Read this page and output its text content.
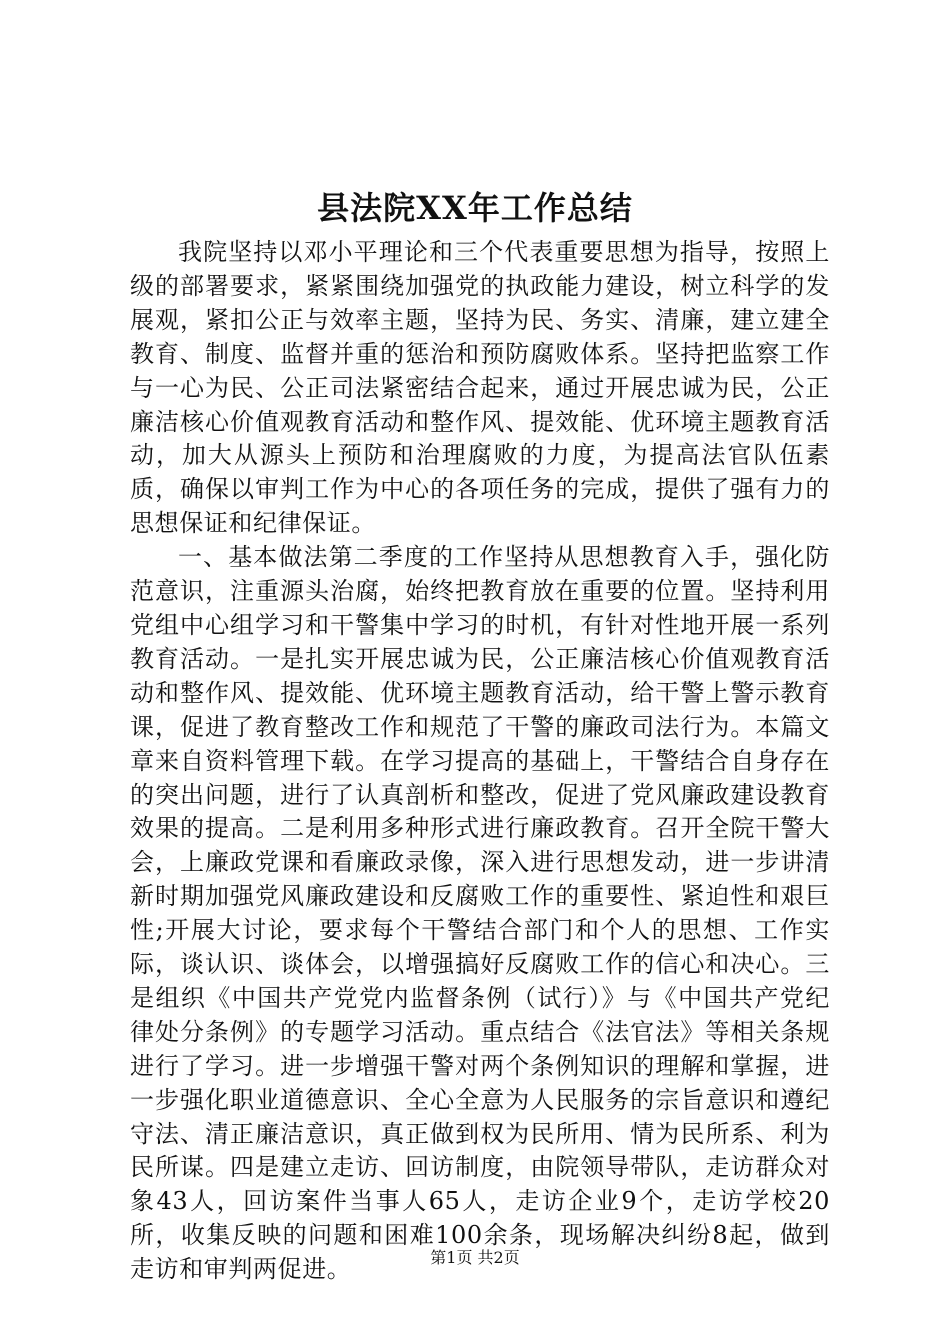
县法院XX年工作总结

我院坚持以邓小平理论和三个代表重要思想为指导，按照上级的部署要求，紧紧围绕加强党的执政能力建设，树立科学的发展观，紧扣公正与效率主题，坚持为民、务实、清廉，建立建全教育、制度、监督并重的惩治和预防腐败体系。坚持把监察工作与一心为民、公正司法紧密结合起来，通过开展忠诚为民，公正廉洁核心价值观教育活动和整作风、提效能、优环境主题教育活动，加大从源头上预防和治理腐败的力度，为提高法官队伍素质，确保以审判工作为中心的各项任务的完成，提供了强有力的思想保证和纪律保证。

一、基本做法第二季度的工作坚持从思想教育入手，强化防范意识，注重源头治腐，始终把教育放在重要的位置。坚持利用党组中心组学习和干警集中学习的时机，有针对性地开展一系列教育活动。一是扎实开展忠诚为民，公正廉洁核心价值观教育活动和整作风、提效能、优环境主题教育活动，给干警上警示教育课，促进了教育整改工作和规范了干警的廉政司法行为。本篇文章来自资料管理下载。在学习提高的基础上，干警结合自身存在的突出问题，进行了认真剖析和整改，促进了党风廉政建设教育效果的提高。二是利用多种形式进行廉政教育。召开全院干警大会，上廉政党课和看廉政录像，深入进行思想发动，进一步讲清新时期加强党风廉政建设和反腐败工作的重要性、紧迫性和艰巨性;开展大讨论，要求每个干警结合部门和个人的思想、工作实际，谈认识、谈体会，以增强搞好反腐败工作的信心和决心。三是组织《中国共产党党内监督条例（试行）》与《中国共产党纪律处分条例》的专题学习活动。重点结合《法官法》等相关条规进行了学习。进一步增强干警对两个条例知识的理解和掌握，进一步强化职业道德意识、全心全意为人民服务的宗旨意识和遵纪守法、清正廉洁意识，真正做到权为民所用、情为民所系、利为民所谋。四是建立走访、回访制度，由院领导带队，走访群众对象43人，回访案件当事人65人，走访企业9个，走访学校20所，收集反映的问题和困难100余条，现场解决纠纷8起，做到走访和审判两促进。	第1页 共2页
